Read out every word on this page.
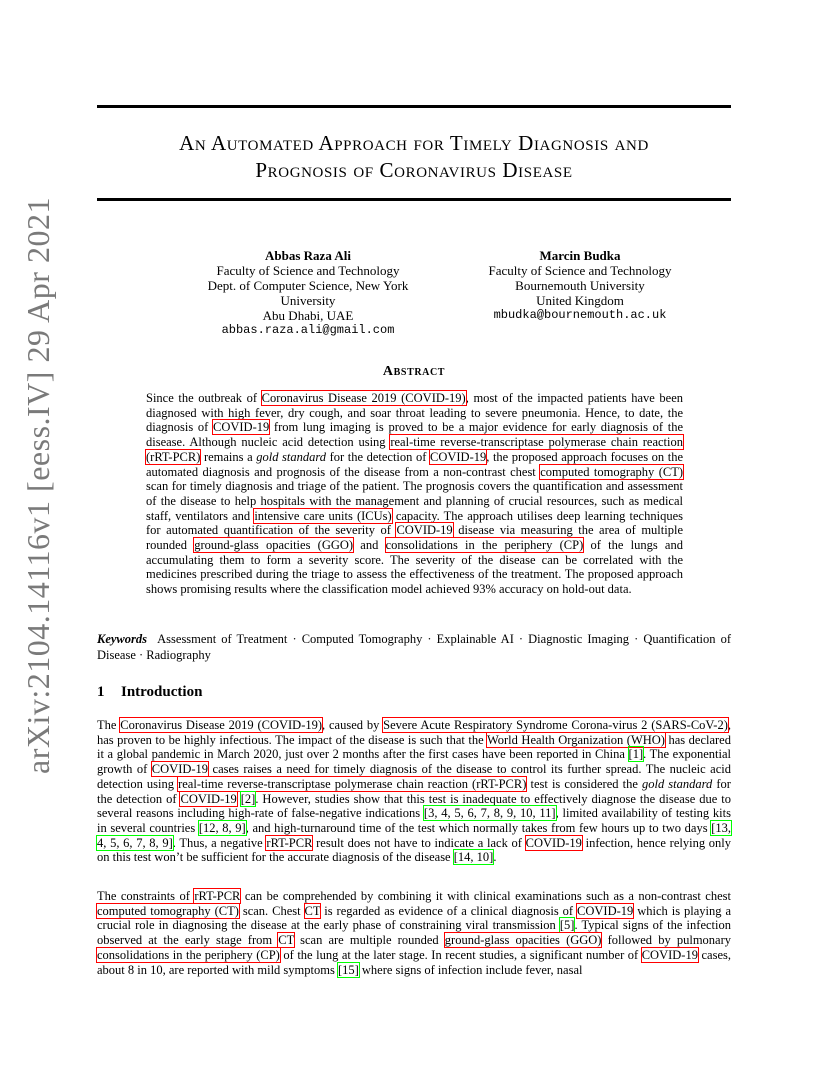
arXiv:2104.14116v1 [eess.IV] 29 Apr 2021
An Automated Approach for Timely Diagnosis and
Prognosis of Coronavirus Disease
Abbas Raza Ali
Faculty of Science and Technology
Dept. of Computer Science, New York University
Abu Dhabi, UAE
abbas.raza.ali@gmail.com
Marcin Budka
Faculty of Science and Technology
Bournemouth University
United Kingdom
mbudka@bournemouth.ac.uk
Abstract
Since the outbreak of Coronavirus Disease 2019 (COVID-19), most of the impacted patients have been diagnosed with high fever, dry cough, and soar throat leading to severe pneumonia. Hence, to date, the diagnosis of COVID-19 from lung imaging is proved to be a major evidence for early diagnosis of the disease. Although nucleic acid detection using real-time reverse-transcriptase polymerase chain reaction (rRT-PCR) remains a gold standard for the detection of COVID-19, the proposed approach focuses on the automated diagnosis and prognosis of the disease from a non-contrast chest computed tomography (CT) scan for timely diagnosis and triage of the patient. The prognosis covers the quantification and assessment of the disease to help hospitals with the management and planning of crucial resources, such as medical staff, ventilators and intensive care units (ICUs) capacity. The approach utilises deep learning techniques for automated quantification of the severity of COVID-19 disease via measuring the area of multiple rounded ground-glass opacities (GGO) and consolidations in the periphery (CP) of the lungs and accumulating them to form a severity score. The severity of the disease can be correlated with the medicines prescribed during the triage to assess the effectiveness of the treatment. The proposed approach shows promising results where the classification model achieved 93% accuracy on hold-out data.
Keywords Assessment of Treatment · Computed Tomography · Explainable AI · Diagnostic Imaging · Quantification of Disease · Radiography
1 Introduction
The Coronavirus Disease 2019 (COVID-19), caused by Severe Acute Respiratory Syndrome Corona-virus 2 (SARS-CoV-2), has proven to be highly infectious. The impact of the disease is such that the World Health Organization (WHO) has declared it a global pandemic in March 2020, just over 2 months after the first cases have been reported in China [1]. The exponential growth of COVID-19 cases raises a need for timely diagnosis of the disease to control its further spread. The nucleic acid detection using real-time reverse-transcriptase polymerase chain reaction (rRT-PCR) test is considered the gold standard for the detection of COVID-19 [2]. However, studies show that this test is inadequate to effectively diagnose the disease due to several reasons including high-rate of false-negative indications [3, 4, 5, 6, 7, 8, 9, 10, 11], limited availability of testing kits in several countries [12, 8, 9], and high-turnaround time of the test which normally takes from few hours up to two days [13, 4, 5, 6, 7, 8, 9]. Thus, a negative rRT-PCR result does not have to indicate a lack of COVID-19 infection, hence relying only on this test won’t be sufficient for the accurate diagnosis of the disease [14, 10].
The constraints of rRT-PCR can be comprehended by combining it with clinical examinations such as a non-contrast chest computed tomography (CT) scan. Chest CT is regarded as evidence of a clinical diagnosis of COVID-19 which is playing a crucial role in diagnosing the disease at the early phase of constraining viral transmission [5]. Typical signs of the infection observed at the early stage from CT scan are multiple rounded ground-glass opacities (GGO) followed by pulmonary consolidations in the periphery (CP) of the lung at the later stage. In recent studies, a significant number of COVID-19 cases, about 8 in 10, are reported with mild symptoms [15] where signs of infection include fever, nasal
